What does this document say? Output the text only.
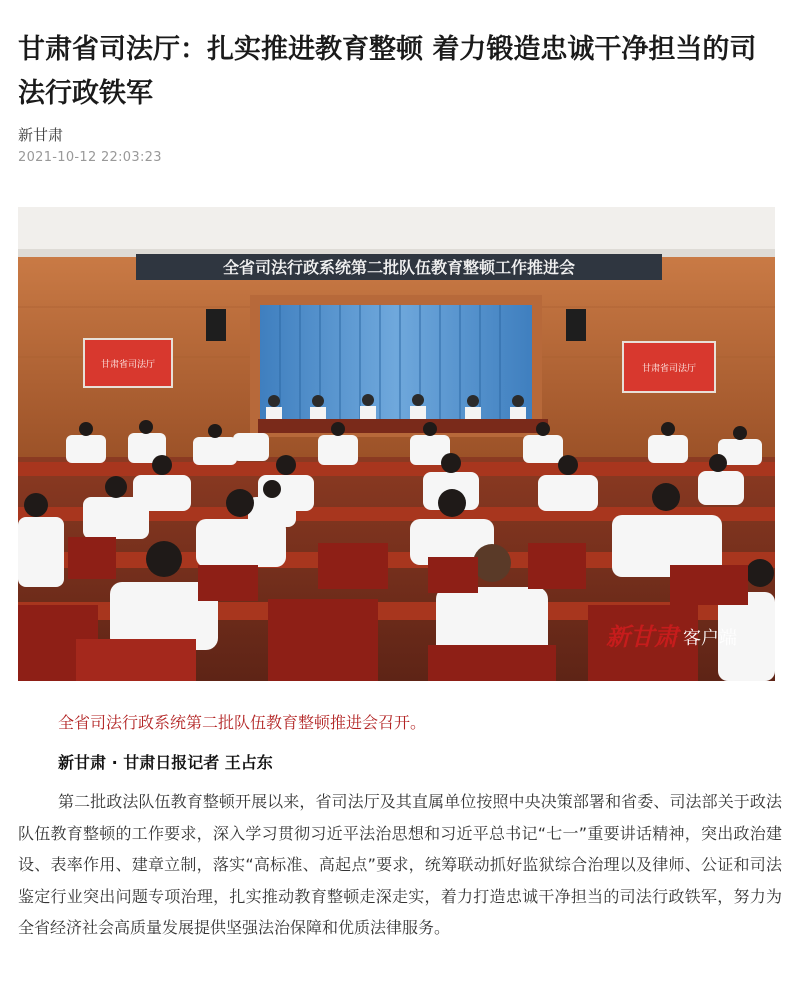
甘肃省司法厅：扎实推进教育整顿 着力锻造忠诚干净担当的司法行政铁军
新甘肃
2021-10-12 22:03:23
全省司法行政系统第二批队伍教育整顿工作推进会
甘肃省司法厅	甘肃省司法厅
新甘肃 客户端
全省司法行政系统第二批队伍教育整顿推进会召开。
新甘肃 · 甘肃日报记者 王占东

第二批政法队伍教育整顿开展以来，省司法厅及其直属单位按照中央决策部署和省委、司法部关于政法队伍教育整顿的工作要求，深入学习贯彻习近平法治思想和习近平总书记“七一”重要讲话精神，突出政治建设、表率作用、建章立制，落实“高标准、高起点”要求，统筹联动抓好监狱综合治理以及律师、公证和司法鉴定行业突出问题专项治理，扎实推动教育整顿走深走实，着力打造忠诚干净担当的司法行政铁军，努力为全省经济社会高质量发展提供坚强法治保障和优质法律服务。
